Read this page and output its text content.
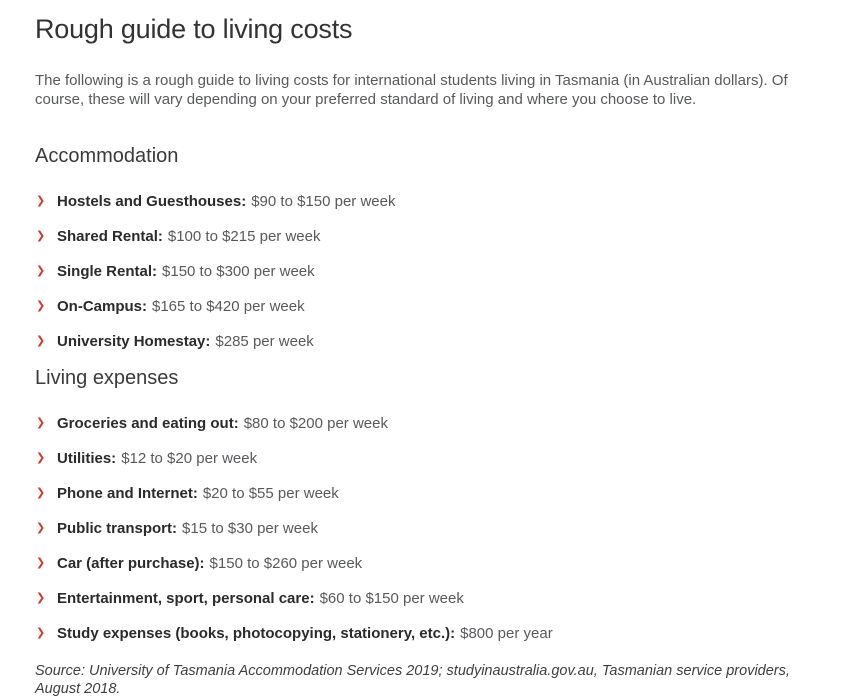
Rough guide to living costs

The following is a rough guide to living costs for international students living in Tasmania (in Australian dollars). Of course, these will vary depending on your preferred standard of living and where you choose to live.

Accommodation
❯ Hostels and Guesthouses: $90 to $150 per week
❯ Shared Rental: $100 to $215 per week
❯ Single Rental: $150 to $300 per week
❯ On-Campus: $165 to $420 per week
❯ University Homestay: $285 per week
Living expenses
❯ Groceries and eating out: $80 to $200 per week
❯ Utilities: $12 to $20 per week
❯ Phone and Internet: $20 to $55 per week
❯ Public transport: $15 to $30 per week
❯ Car (after purchase): $150 to $260 per week
❯ Entertainment, sport, personal care: $60 to $150 per week
❯ Study expenses (books, photocopying, stationery, etc.): $800 per year

Source: University of Tasmania Accommodation Services 2019; studyinaustralia.gov.au, Tasmanian service providers, August 2018.
